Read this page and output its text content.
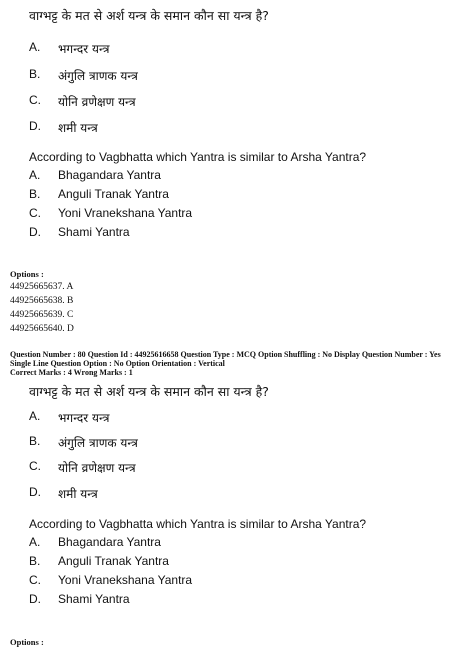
वाग्भट्ट के मत से अर्श यन्त्र के समान कौन सा यन्त्र है?
A.	भगन्दर यन्त्र
B.	अंगुलि त्राणक यन्त्र
C.	योनि व्रणेक्षण यन्त्र
D.	शमी यन्त्र
According to Vagbhatta which Yantra is similar to Arsha Yantra?
A.	Bhagandara Yantra
B.	Anguli Tranak Yantra
C.	Yoni Vranekshana Yantra
D.	Shami Yantra
Options :
44925665637. A
44925665638. B
44925665639. C
44925665640. D
Question Number : 80 Question Id : 44925616658 Question Type : MCQ Option Shuffling : No Display Question Number : Yes
Single Line Question Option : No Option Orientation : Vertical
Correct Marks : 4 Wrong Marks : 1
वाग्भट्ट के मत से अर्श यन्त्र के समान कौन सा यन्त्र है?
A.	भगन्दर यन्त्र
B.	अंगुलि त्राणक यन्त्र
C.	योनि व्रणेक्षण यन्त्र
D.	शमी यन्त्र
According to Vagbhatta which Yantra is similar to Arsha Yantra?
A.	Bhagandara Yantra
B.	Anguli Tranak Yantra
C.	Yoni Vranekshana Yantra
D.	Shami Yantra
Options :
